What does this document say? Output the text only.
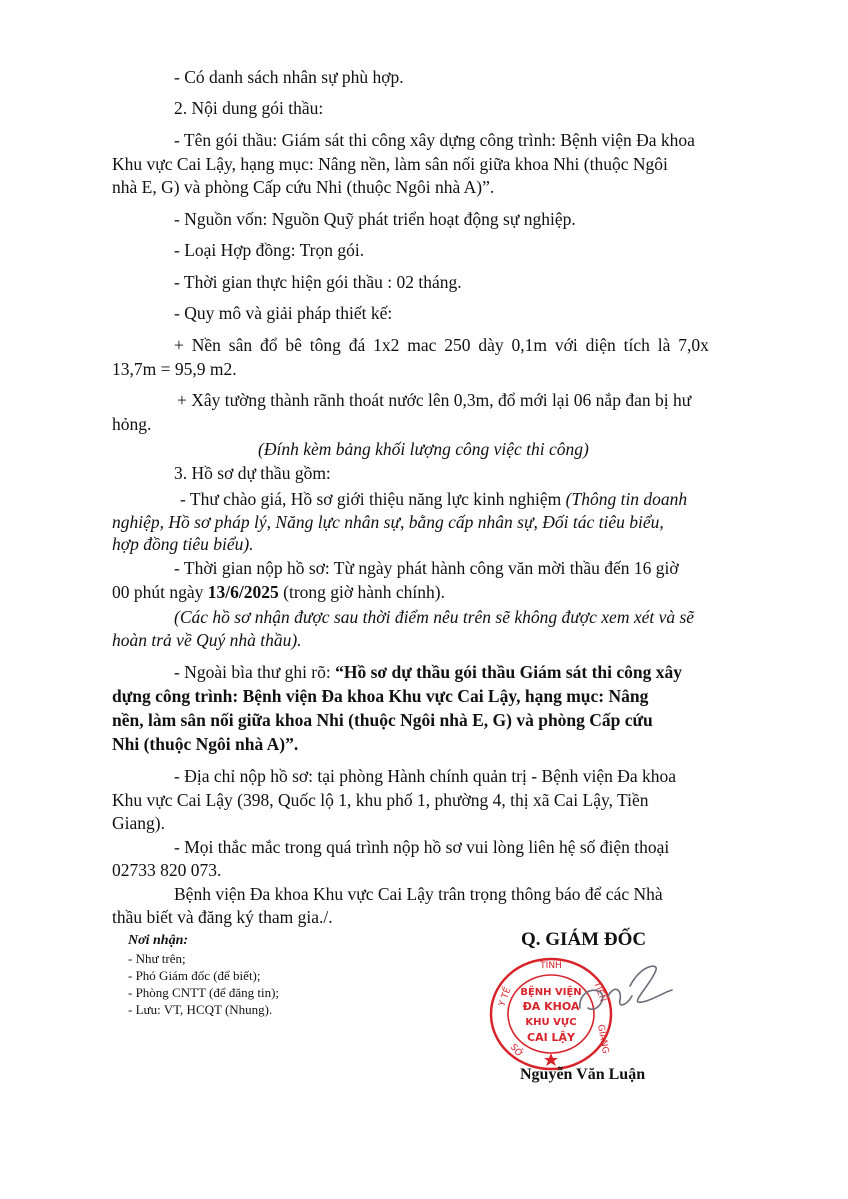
- Có danh sách nhân sự phù hợp.
2. Nội dung gói thầu:
- Tên gói thầu: Giám sát thi công xây dựng công trình: Bệnh viện Đa khoa
Khu vực Cai Lậy, hạng mục: Nâng nền, làm sân nối giữa khoa Nhi (thuộc Ngôi
nhà E, G) và phòng Cấp cứu Nhi (thuộc Ngôi nhà A)”.
- Nguồn vốn: Nguồn Quỹ phát triển hoạt động sự nghiệp.
- Loại Hợp đồng: Trọn gói.
- Thời gian thực hiện gói thầu : 02 tháng.
- Quy mô và giải pháp thiết kế:
+ Nền sân đổ bê tông đá 1x2 mac 250 dày 0,1m với diện tích là 7,0x
13,7m = 95,9 m2.
+ Xây tường thành rãnh thoát nước lên 0,3m, đổ mới lại 06 nắp đan bị hư
hỏng.
(Đính kèm bảng khối lượng công việc thi công)
3. Hồ sơ dự thầu gồm:
- Thư chào giá, Hồ sơ giới thiệu năng lực kinh nghiệm (Thông tin doanh
nghiệp, Hồ sơ pháp lý, Năng lực nhân sự, bằng cấp nhân sự, Đối tác tiêu biểu,
hợp đồng tiêu biểu).
- Thời gian nộp hồ sơ: Từ ngày phát hành công văn mời thầu đến 16 giờ
00 phút ngày 13/6/2025 (trong giờ hành chính).
(Các hồ sơ nhận được sau thời điểm nêu trên sẽ không được xem xét và sẽ
hoàn trả về Quý nhà thầu).
- Ngoài bìa thư ghi rõ: “Hồ sơ dự thầu gói thầu Giám sát thi công xây
dựng công trình: Bệnh viện Đa khoa Khu vực Cai Lậy, hạng mục: Nâng
nền, làm sân nối giữa khoa Nhi (thuộc Ngôi nhà E, G) và phòng Cấp cứu
Nhi (thuộc Ngôi nhà A)”.
- Địa chỉ nộp hồ sơ: tại phòng Hành chính quản trị - Bệnh viện Đa khoa
Khu vực Cai Lậy (398, Quốc lộ 1, khu phố 1, phường 4, thị xã Cai Lậy, Tiền
Giang).
- Mọi thắc mắc trong quá trình nộp hồ sơ vui lòng liên hệ số điện thoại
02733 820 073.
Bệnh viện Đa khoa Khu vực Cai Lậy trân trọng thông báo để các Nhà
thầu biết và đăng ký tham gia./.
Nơi nhận:
- Như trên;
- Phó Giám đốc (để biết);
- Phòng CNTT (để đăng tin);
- Lưu: VT, HCQT (Nhung).
Q. GIÁM ĐỐC
TỈNH
Y TẾ	TIỀN
GIANG
SỞ
BỆNH VIỆN
ĐA KHOA
KHU VỰC
CAI LẬY
Nguyễn Văn Luận
